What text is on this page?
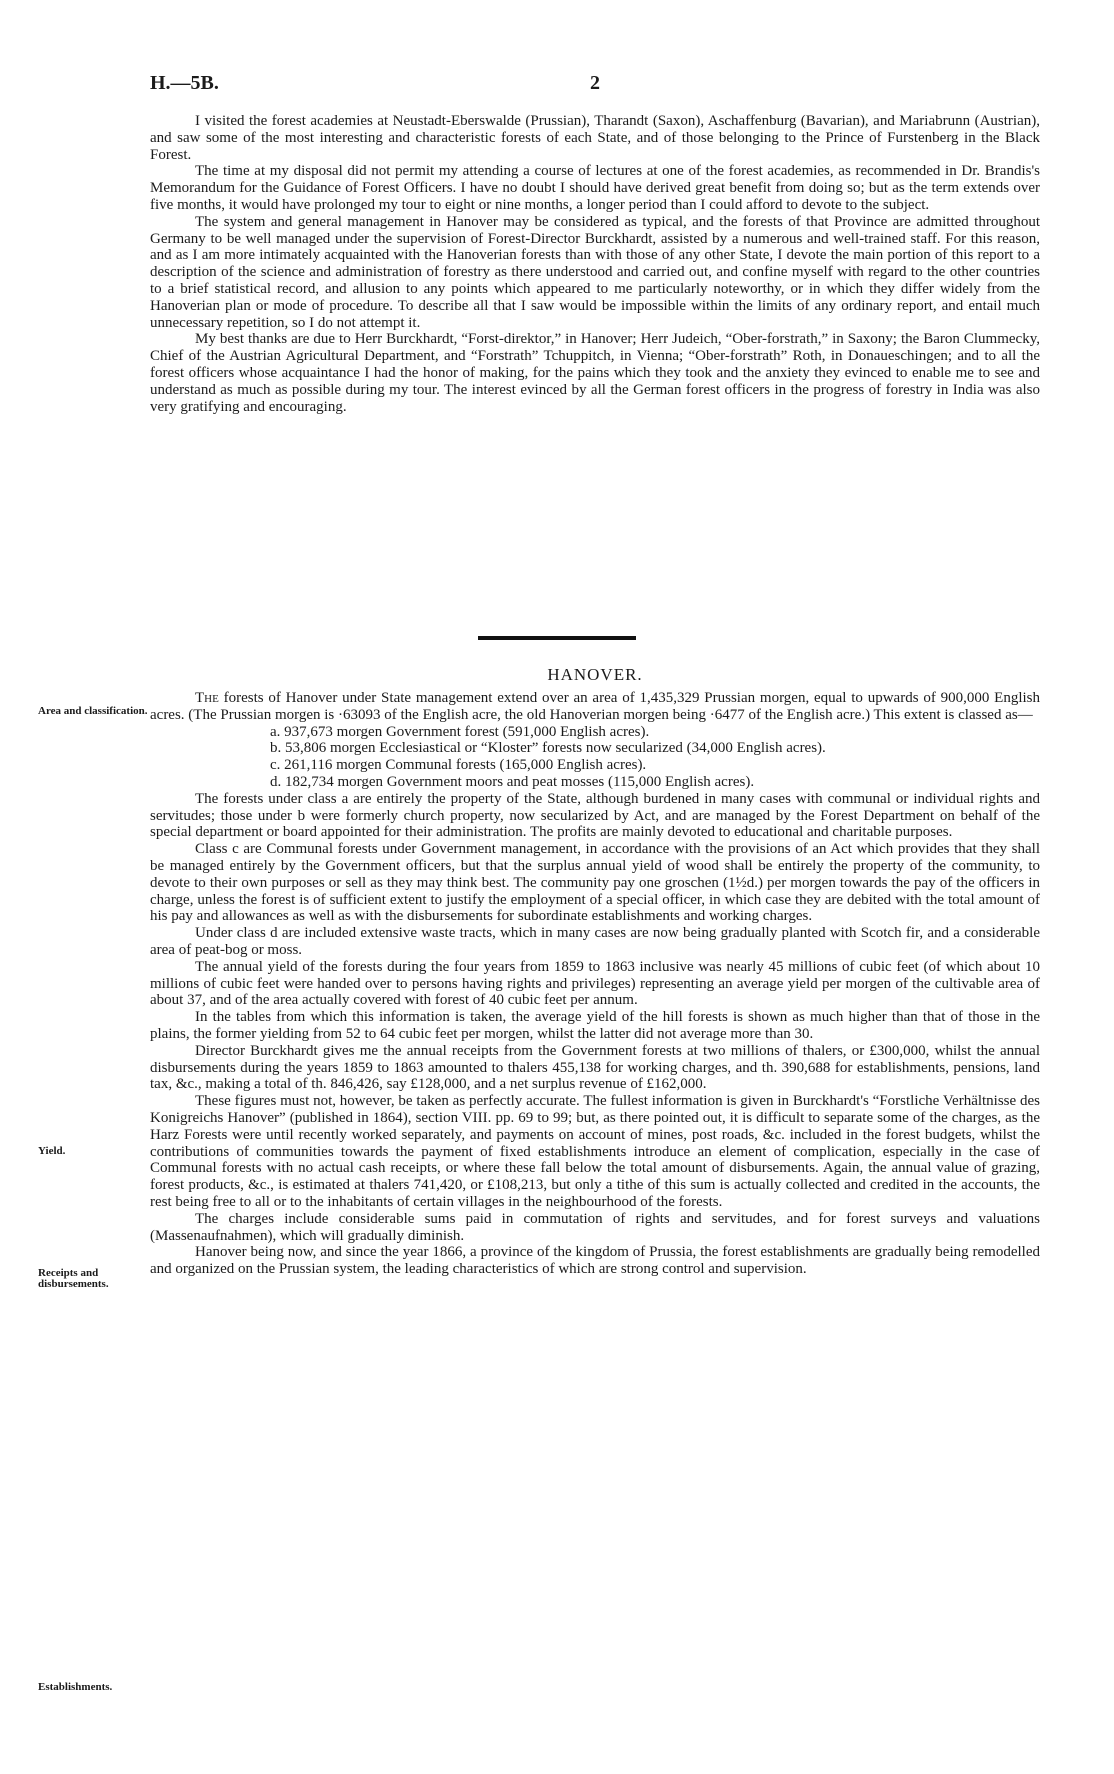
H.—5B.	2

I visited the forest academies at Neustadt-Eberswalde (Prussian), Tharandt (Saxon), Aschaffenburg (Bavarian), and Mariabrunn (Austrian), and saw some of the most interesting and characteristic forests of each State, and of those belonging to the Prince of Furstenberg in the Black Forest.

The time at my disposal did not permit my attending a course of lectures at one of the forest academies, as recommended in Dr. Brandis's Memorandum for the Guidance of Forest Officers. I have no doubt I should have derived great benefit from doing so; but as the term extends over five months, it would have prolonged my tour to eight or nine months, a longer period than I could afford to devote to the subject.

The system and general management in Hanover may be considered as typical, and the forests of that Province are admitted throughout Germany to be well managed under the supervision of Forest-Director Burckhardt, assisted by a numerous and well-trained staff. For this reason, and as I am more intimately acquainted with the Hanoverian forests than with those of any other State, I devote the main portion of this report to a description of the science and administration of forestry as there understood and carried out, and confine myself with regard to the other countries to a brief statistical record, and allusion to any points which appeared to me particularly noteworthy, or in which they differ widely from the Hanoverian plan or mode of procedure. To describe all that I saw would be impossible within the limits of any ordinary report, and entail much unnecessary repetition, so I do not attempt it.

My best thanks are due to Herr Burckhardt, “Forst-direktor,” in Hanover; Herr Judeich, “Ober-forstrath,” in Saxony; the Baron Clummecky, Chief of the Austrian Agricultural Department, and “Forstrath” Tchuppitch, in Vienna; “Ober-forstrath” Roth, in Donaueschingen; and to all the forest officers whose acquaintance I had the honor of making, for the pains which they took and the anxiety they evinced to enable me to see and understand as much as possible during my tour. The interest evinced by all the German forest officers in the progress of forestry in India was also very gratifying and encouraging.

HANOVER.

The forests of Hanover under State management extend over an area of 1,435,329 Prussian morgen, equal to upwards of 900,000 English acres. (The Prussian morgen is ·63093 of the English acre, the old Hanoverian morgen being ·6477 of the English acre.) This extent is classed as—

a. 937,673 morgen Government forest (591,000 English acres).
b. 53,806 morgen Ecclesiastical or “Kloster” forests now secularized (34,000 English acres).
c. 261,116 morgen Communal forests (165,000 English acres).
d. 182,734 morgen Government moors and peat mosses (115,000 English acres).

The forests under class a are entirely the property of the State, although burdened in many cases with communal or individual rights and servitudes; those under b were formerly church property, now secularized by Act, and are managed by the Forest Department on behalf of the special department or board appointed for their administration. The profits are mainly devoted to educational and charitable purposes.

Class c are Communal forests under Government management, in accordance with the provisions of an Act which provides that they shall be managed entirely by the Government officers, but that the surplus annual yield of wood shall be entirely the property of the community, to devote to their own purposes or sell as they may think best. The community pay one groschen (1½d.) per morgen towards the pay of the officers in charge, unless the forest is of sufficient extent to justify the employment of a special officer, in which case they are debited with the total amount of his pay and allowances as well as with the disbursements for subordinate establishments and working charges.

Under class d are included extensive waste tracts, which in many cases are now being gradually planted with Scotch fir, and a considerable area of peat-bog or moss.

The annual yield of the forests during the four years from 1859 to 1863 inclusive was nearly 45 millions of cubic feet (of which about 10 millions of cubic feet were handed over to persons having rights and privileges) representing an average yield per morgen of the cultivable area of about 37, and of the area actually covered with forest of 40 cubic feet per annum.

In the tables from which this information is taken, the average yield of the hill forests is shown as much higher than that of those in the plains, the former yielding from 52 to 64 cubic feet per morgen, whilst the latter did not average more than 30.

Director Burckhardt gives me the annual receipts from the Government forests at two millions of thalers, or £300,000, whilst the annual disbursements during the years 1859 to 1863 amounted to thalers 455,138 for working charges, and th. 390,688 for establishments, pensions, land tax, &c., making a total of th. 846,426, say £128,000, and a net surplus revenue of £162,000.

These figures must not, however, be taken as perfectly accurate. The fullest information is given in Burckhardt's “Forstliche Verhältnisse des Konigreichs Hanover” (published in 1864), section VIII. pp. 69 to 99; but, as there pointed out, it is difficult to separate some of the charges, as the Harz Forests were until recently worked separately, and payments on account of mines, post roads, &c. included in the forest budgets, whilst the contributions of communities towards the payment of fixed establishments introduce an element of complication, especially in the case of Communal forests with no actual cash receipts, or where these fall below the total amount of disbursements. Again, the annual value of grazing, forest products, &c., is estimated at thalers 741,420, or £108,213, but only a tithe of this sum is actually collected and credited in the accounts, the rest being free to all or to the inhabitants of certain villages in the neighbourhood of the forests.

The charges include considerable sums paid in commutation of rights and servitudes, and for forest surveys and valuations (Massenaufnahmen), which will gradually diminish.

Hanover being now, and since the year 1866, a province of the kingdom of Prussia, the forest establishments are gradually being remodelled and organized on the Prussian system, the leading characteristics of which are strong control and supervision.

Area and classification.
Yield.
Receipts and disbursements.
Establishments.
